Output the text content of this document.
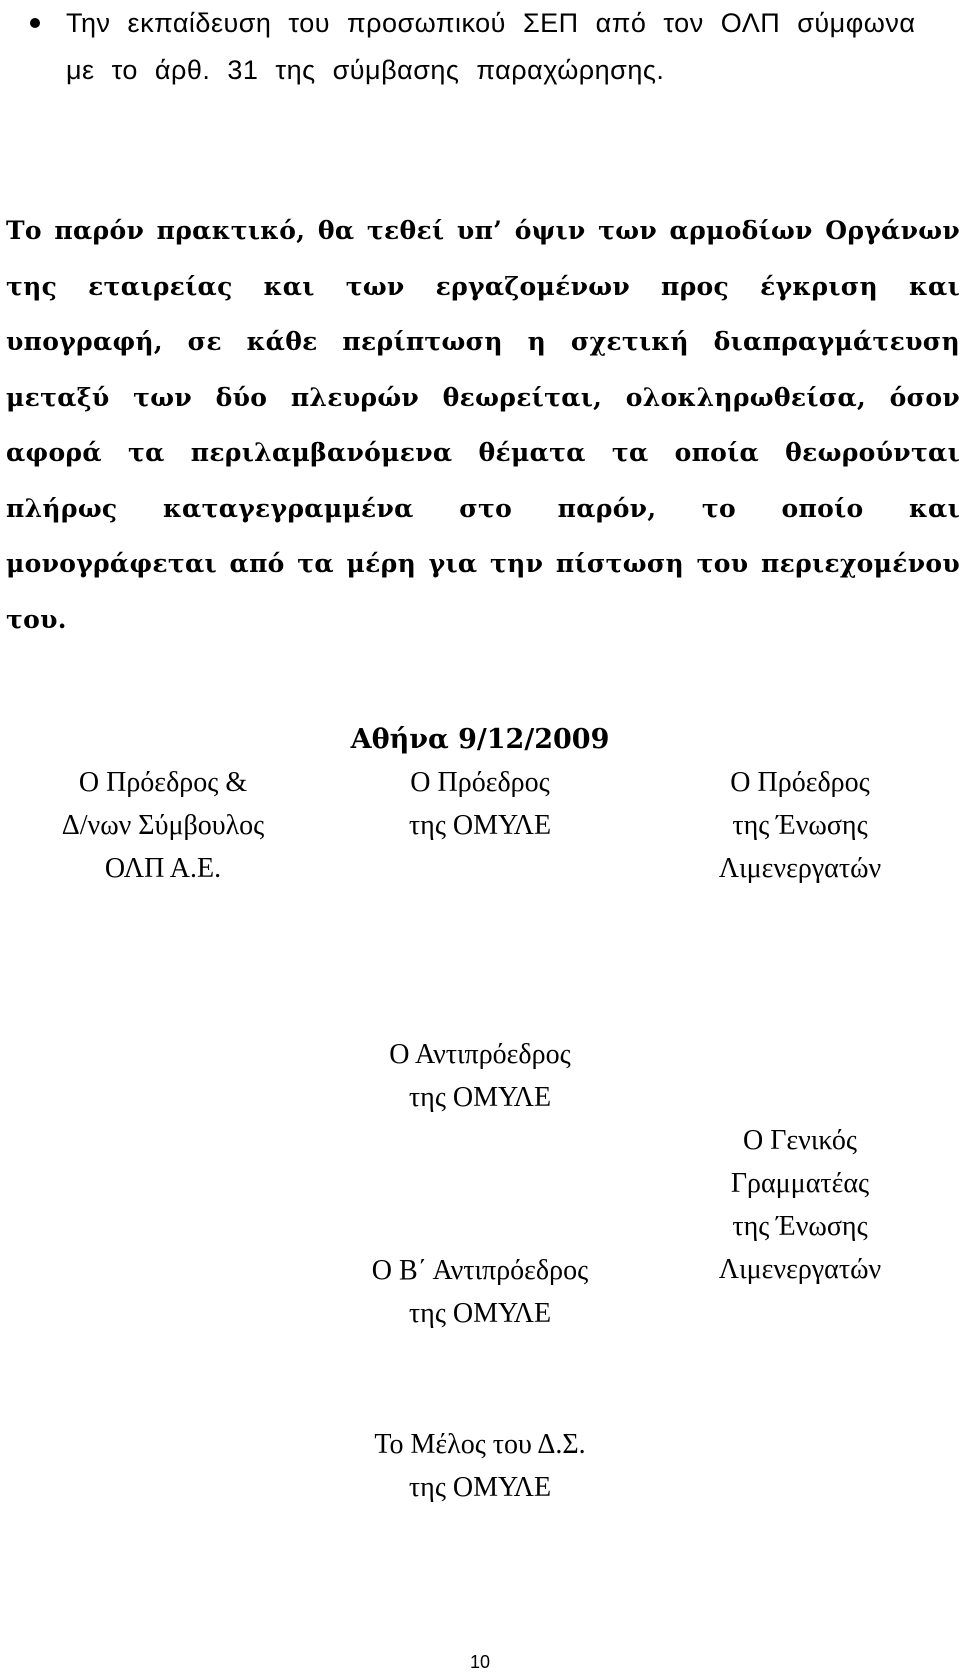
Την εκπαίδευση του προσωπικού ΣΕΠ από τον ΟΛΠ σύμφωνα με το άρθ. 31 της σύμβασης παραχώρησης.
Το παρόν πρακτικό, θα τεθεί υπ’ όψιν των αρμοδίων Οργάνων της εταιρείας και των εργαζομένων προς έγκριση και υπογραφή, σε κάθε περίπτωση η σχετική διαπραγμάτευση μεταξύ των δύο πλευρών θεωρείται, ολοκληρωθείσα, όσον αφορά τα περιλαμβανόμενα θέματα τα οποία θεωρούνται πλήρως καταγεγραμμένα στο παρόν, το οποίο και μονογράφεται από τα μέρη για την πίστωση του περιεχομένου του.
Αθήνα 9/12/2009
Ο Πρόεδρος &
Δ/νων Σύμβουλος
ΟΛΠ Α.Ε.
Ο Πρόεδρος
της ΟΜΥΛΕ
Ο Πρόεδρος
της Ένωσης
Λιμενεργατών
Ο Αντιπρόεδρος
της ΟΜΥΛΕ
Ο Γενικός
Γραμματέας
της Ένωσης
Λιμενεργατών
Ο Β΄ Αντιπρόεδρος
της ΟΜΥΛΕ
Το Μέλος του Δ.Σ.
της ΟΜΥΛΕ
10
